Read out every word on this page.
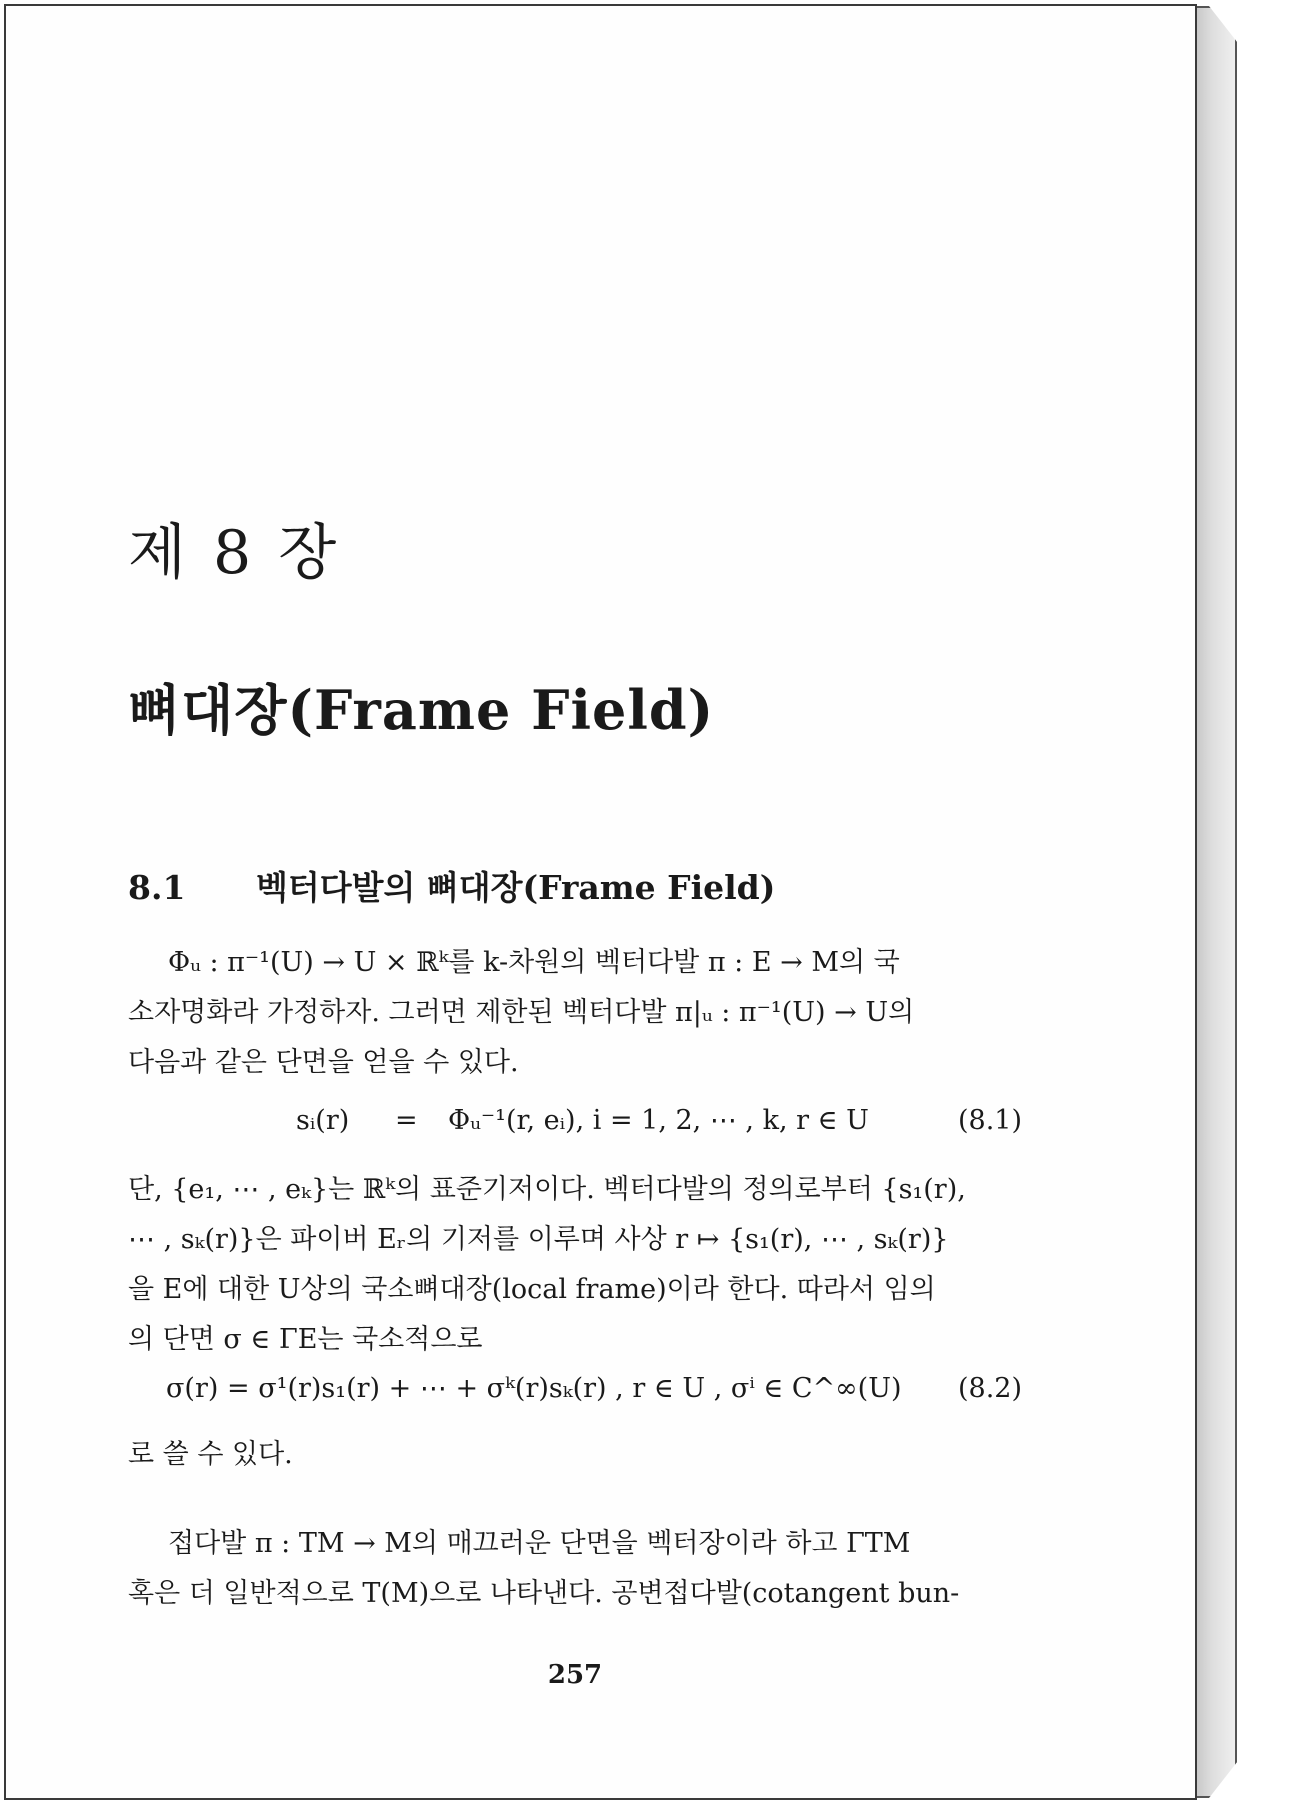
제 8 장
뼈대장(Frame Field)
8.1 벡터다발의 뼈대장(Frame Field)
Φᵤ : π⁻¹(U) → U × ℝᵏ를 k-차원의 벡터다발 π : E → M의 국
소자명화라 가정하자. 그러면 제한된 벡터다발 π|ᵤ : π⁻¹(U) → U의
다음과 같은 단면을 얻을 수 있다.
sᵢ(r) = Φᵤ⁻¹(r, eᵢ), i = 1, 2, ⋯ , k, r ∈ U	(8.1)
단, {e₁, ⋯ , eₖ}는 ℝᵏ의 표준기저이다. 벡터다발의 정의로부터 {s₁(r),
⋯ , sₖ(r)}은 파이버 Eᵣ의 기저를 이루며 사상 r ↦ {s₁(r), ⋯ , sₖ(r)}
을 E에 대한 U상의 국소뼈대장(local frame)이라 한다. 따라서 임의
의 단면 σ ∈ ΓE는 국소적으로
σ(r) = σ¹(r)s₁(r) + ⋯ + σᵏ(r)sₖ(r) , r ∈ U , σⁱ ∈ C^∞(U) (8.2)
로 쓸 수 있다.
접다발 π : TM → M의 매끄러운 단면을 벡터장이라 하고 ΓTM
혹은 더 일반적으로 T(M)으로 나타낸다. 공변접다발(cotangent bun-
257
